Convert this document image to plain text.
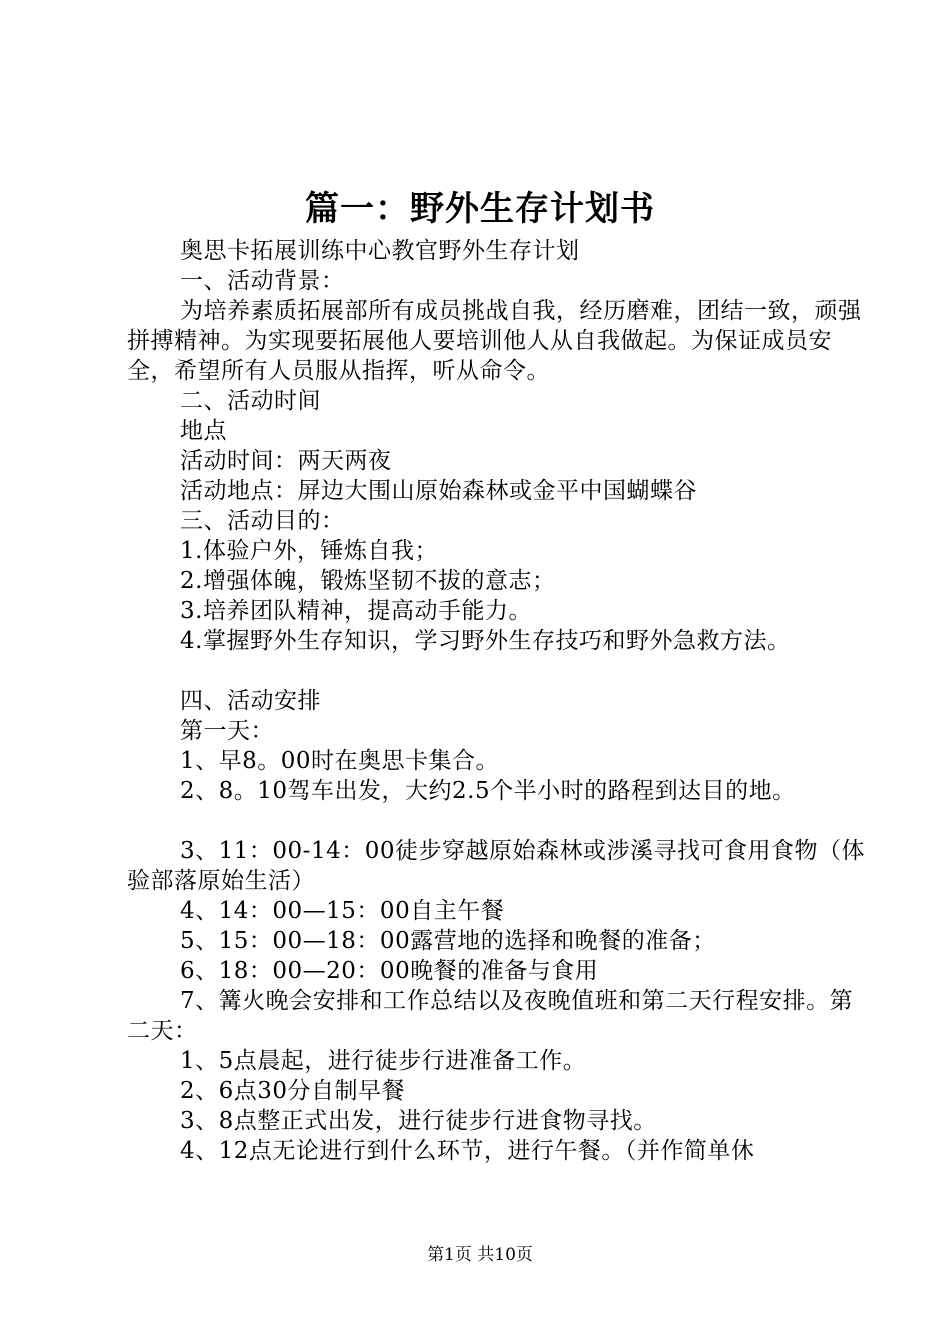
篇一：野外生存计划书

奥思卡拓展训练中心教官野外生存计划

一、活动背景：

为培养素质拓展部所有成员挑战自我，经历磨难，团结一致，顽强拼搏精神。为实现要拓展他人要培训他人从自我做起。为保证成员安全，希望所有人员服从指挥，听从命令。

二、活动时间

地点

活动时间：两天两夜

活动地点：屏边大围山原始森林或金平中国蝴蝶谷

三、活动目的：

1.体验户外，锤炼自我；

2.增强体魄，锻炼坚韧不拔的意志；

3.培养团队精神，提高动手能力。

4.掌握野外生存知识，学习野外生存技巧和野外急救方法。

四、活动安排

第一天：

1、早8。00时在奥思卡集合。

2、8。10驾车出发，大约2.5个半小时的路程到达目的地。

3、11：00-14：00徒步穿越原始森林或涉溪寻找可食用食物（体验部落原始生活）

4、14：00—15：00自主午餐

5、15：00—18：00露营地的选择和晚餐的准备；

6、18：00—20：00晚餐的准备与食用

7、篝火晚会安排和工作总结以及夜晚值班和第二天行程安排。第二天：

1、5点晨起，进行徒步行进准备工作。

2、6点30分自制早餐

3、8点整正式出发，进行徒步行进食物寻找。

4、12点无论进行到什么环节，进行午餐。（并作简单休

第1页 共10页
